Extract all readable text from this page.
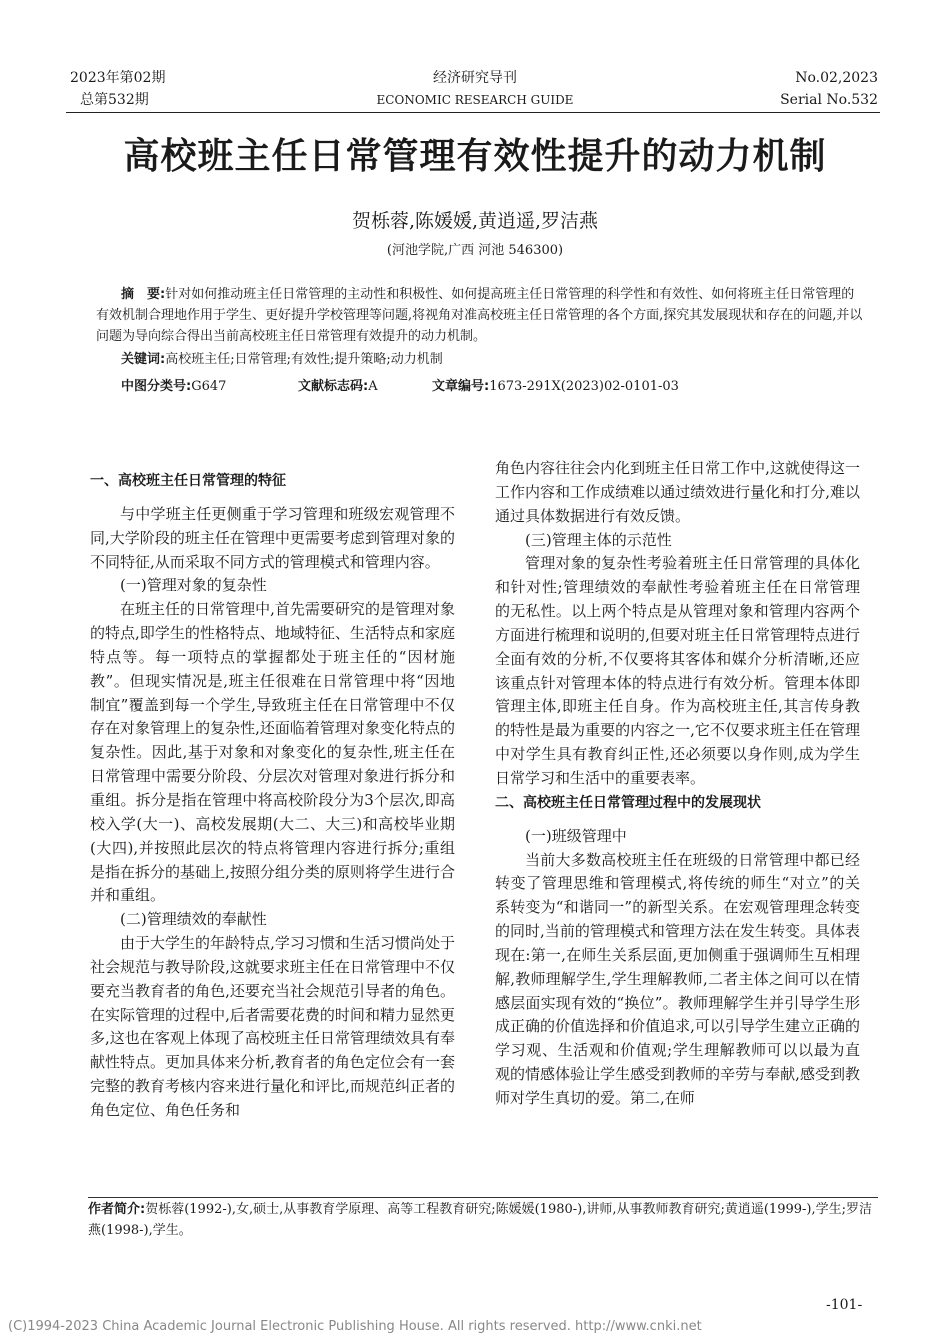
2023年第02期
总第532期
经济研究导刊
ECONOMIC RESEARCH GUIDE
No.02,2023
Serial No.532
高校班主任日常管理有效性提升的动力机制
贺栎蓉,陈媛媛,黄逍遥,罗洁燕
(河池学院,广西 河池 546300)
摘　要:针对如何推动班主任日常管理的主动性和积极性、如何提高班主任日常管理的科学性和有效性、如何将班主任日常管理的有效机制合理地作用于学生、更好提升学校管理等问题,将视角对准高校班主任日常管理的各个方面,探究其发展现状和存在的问题,并以问题为导向综合得出当前高校班主任日常管理有效提升的动力机制。
关键词:高校班主任;日常管理;有效性;提升策略;动力机制
中图分类号:G647	文献标志码:A	文章编号:1673-291X(2023)02-0101-03

一、高校班主任日常管理的特征

与中学班主任更侧重于学习管理和班级宏观管理不同,大学阶段的班主任在管理中更需要考虑到管理对象的不同特征,从而采取不同方式的管理模式和管理内容。

(一)管理对象的复杂性

在班主任的日常管理中,首先需要研究的是管理对象的特点,即学生的性格特点、地域特征、生活特点和家庭特点等。每一项特点的掌握都处于班主任的“因材施教”。但现实情况是,班主任很难在日常管理中将“因地制宜”覆盖到每一个学生,导致班主任在日常管理中不仅存在对象管理上的复杂性,还面临着管理对象变化特点的复杂性。因此,基于对象和对象变化的复杂性,班主任在日常管理中需要分阶段、分层次对管理对象进行拆分和重组。拆分是指在管理中将高校阶段分为3个层次,即高校入学(大一)、高校发展期(大二、大三)和高校毕业期(大四),并按照此层次的特点将管理内容进行拆分;重组是指在拆分的基础上,按照分组分类的原则将学生进行合并和重组。

(二)管理绩效的奉献性

由于大学生的年龄特点,学习习惯和生活习惯尚处于社会规范与教导阶段,这就要求班主任在日常管理中不仅要充当教育者的角色,还要充当社会规范引导者的角色。在实际管理的过程中,后者需要花费的时间和精力显然更多,这也在客观上体现了高校班主任日常管理绩效具有奉献性特点。更加具体来分析,教育者的角色定位会有一套完整的教育考核内容来进行量化和评比,而规范纠正者的角色定位、角色任务和

角色内容往往会内化到班主任日常工作中,这就使得这一工作内容和工作成绩难以通过绩效进行量化和打分,难以通过具体数据进行有效反馈。

(三)管理主体的示范性

管理对象的复杂性考验着班主任日常管理的具体化和针对性;管理绩效的奉献性考验着班主任在日常管理的无私性。以上两个特点是从管理对象和管理内容两个方面进行梳理和说明的,但要对班主任日常管理特点进行全面有效的分析,不仅要将其客体和媒介分析清晰,还应该重点针对管理本体的特点进行有效分析。管理本体即管理主体,即班主任自身。作为高校班主任,其言传身教的特性是最为重要的内容之一,它不仅要求班主任在管理中对学生具有教育纠正性,还必须要以身作则,成为学生日常学习和生活中的重要表率。

二、高校班主任日常管理过程中的发展现状

(一)班级管理中

当前大多数高校班主任在班级的日常管理中都已经转变了管理思维和管理模式,将传统的师生“对立”的关系转变为“和谐同一”的新型关系。在宏观管理理念转变的同时,当前的管理模式和管理方法在发生转变。具体表现在:第一,在师生关系层面,更加侧重于强调师生互相理解,教师理解学生,学生理解教师,二者主体之间可以在情感层面实现有效的“换位”。教师理解学生并引导学生形成正确的价值选择和价值追求,可以引导学生建立正确的学习观、生活观和价值观;学生理解教师可以以最为直观的情感体验让学生感受到教师的辛劳与奉献,感受到教师对学生真切的爱。第二,在师

作者简介:贺栎蓉(1992-),女,硕士,从事教育学原理、高等工程教育研究;陈媛媛(1980-),讲师,从事教师教育研究;黄逍遥(1999-),学生;罗洁燕(1998-),学生。
-101-
(C)1994-2023 China Academic Journal Electronic Publishing House. All rights reserved. http://www.cnki.net
